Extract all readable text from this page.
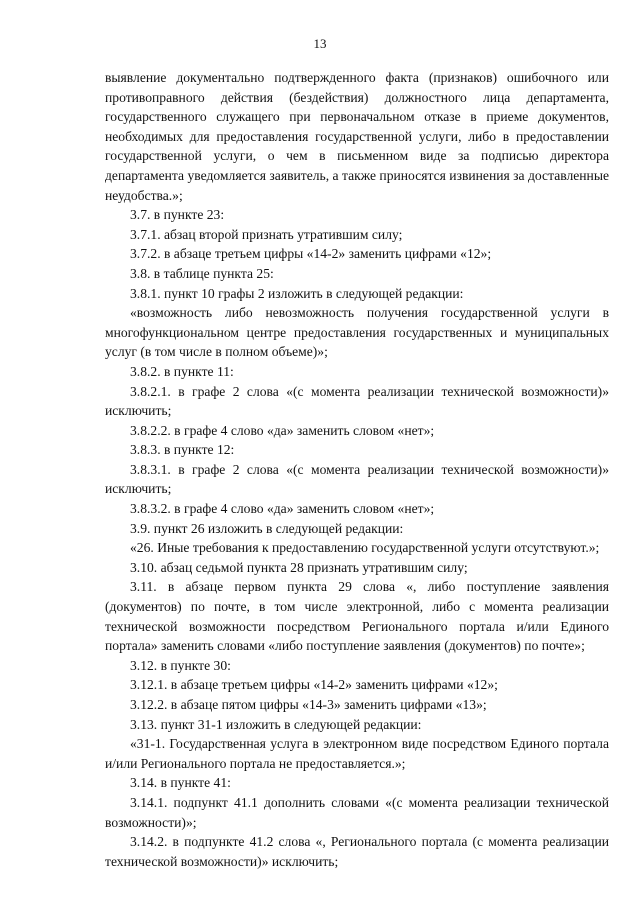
13

выявление документально подтвержденного факта (признаков) ошибочного или противоправного действия (бездействия) должностного лица департамента, государственного служащего при первоначальном отказе в приеме документов, необходимых для предоставления государственной услуги, либо в предоставлении государственной услуги, о чем в письменном виде за подписью директора департамента уведомляется заявитель, а также приносятся извинения за доставленные неудобства.»;

3.7. в пункте 23:

3.7.1. абзац второй признать утратившим силу;

3.7.2. в абзаце третьем цифры «14-2» заменить цифрами «12»;

3.8. в таблице пункта 25:

3.8.1. пункт 10 графы 2 изложить в следующей редакции:

«возможность либо невозможность получения государственной услуги в многофункциональном центре предоставления государственных и муниципальных услуг (в том числе в полном объеме)»;

3.8.2. в пункте 11:

3.8.2.1. в графе 2 слова «(с момента реализации технической возможности)» исключить;

3.8.2.2. в графе 4 слово «да» заменить словом «нет»;

3.8.3. в пункте 12:

3.8.3.1. в графе 2 слова «(с момента реализации технической возможности)» исключить;

3.8.3.2. в графе 4 слово «да» заменить словом «нет»;

3.9. пункт 26 изложить в следующей редакции:

«26. Иные требования к предоставлению государственной услуги отсутствуют.»;

3.10. абзац седьмой пункта 28 признать утратившим силу;

3.11. в абзаце первом пункта 29 слова «, либо поступление заявления (документов) по почте, в том числе электронной, либо с момента реализации технической возможности посредством Регионального портала и/или Единого портала» заменить словами «либо поступление заявления (документов) по почте»;

3.12. в пункте 30:

3.12.1. в абзаце третьем цифры «14-2» заменить цифрами «12»;

3.12.2. в абзаце пятом цифры «14-3» заменить цифрами «13»;

3.13. пункт 31-1 изложить в следующей редакции:

«31-1. Государственная услуга в электронном виде посредством Единого портала и/или Регионального портала не предоставляется.»;

3.14. в пункте 41:

3.14.1. подпункт 41.1 дополнить словами «(с момента реализации технической возможности)»;

3.14.2. в подпункте 41.2 слова «, Регионального портала (с момента реализации технической возможности)» исключить;
